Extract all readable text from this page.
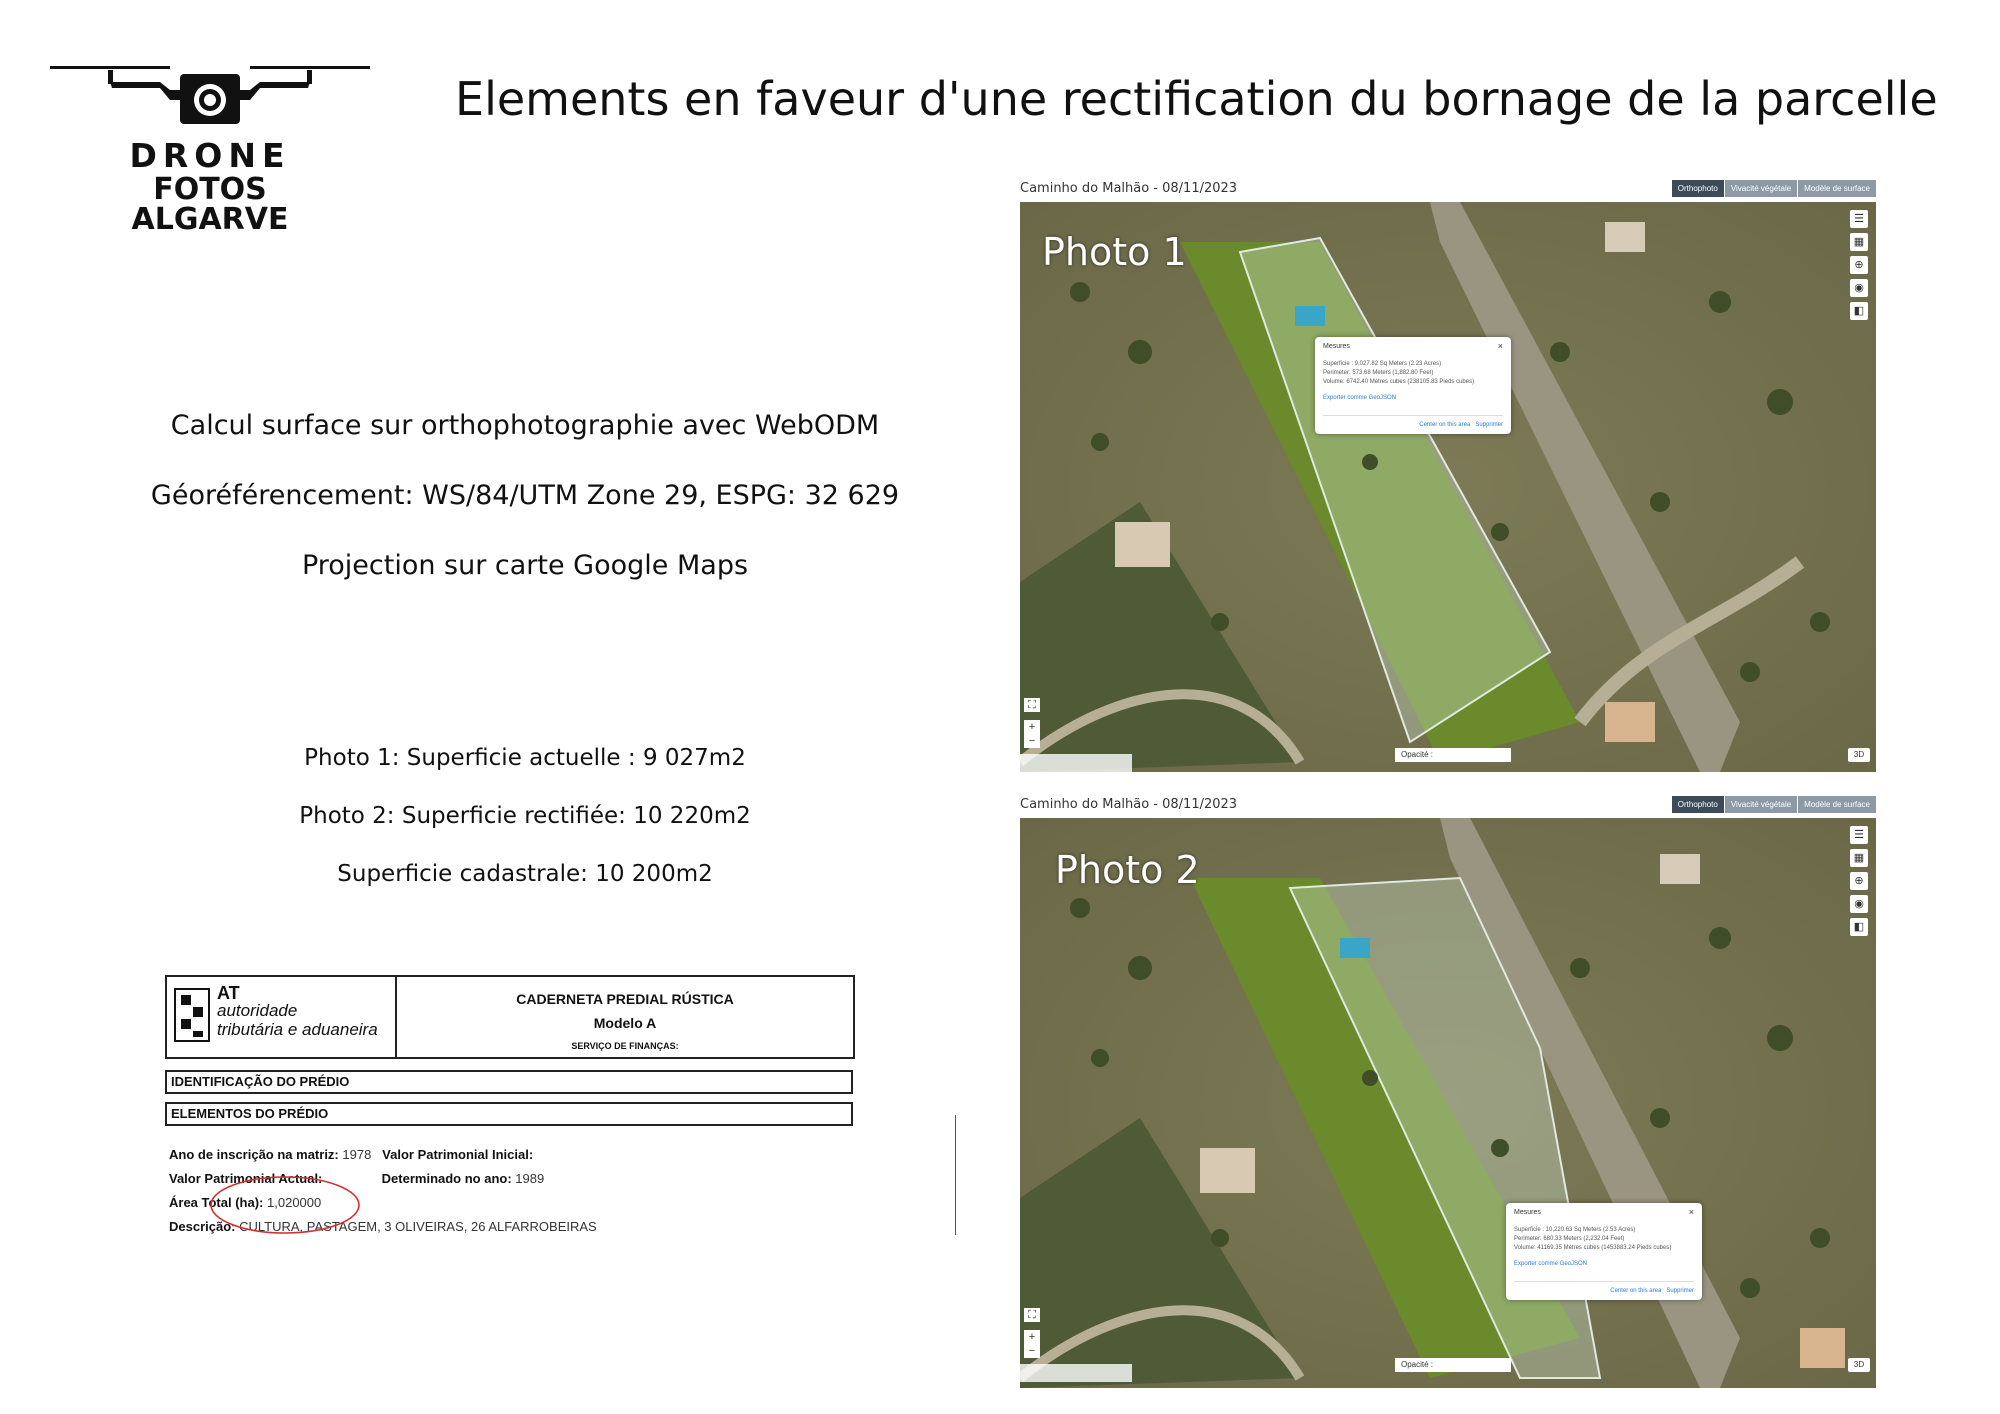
DRONE
FOTOS
ALGARVE
Elements en faveur d'une rectification du bornage de la parcelle
Calcul surface sur orthophotographie avec WebODM
Géoréférencement: WS/84/UTM Zone 29, ESPG: 32 629
Projection sur carte Google Maps
Photo 1: Superficie actuelle : 9 027m2
Photo 2: Superficie rectifiée: 10 220m2
Superficie cadastrale: 10 200m2
AT
autoridade
tributária e aduaneira
CADERNETA PREDIAL RÚSTICA
Modelo A
SERVIÇO DE FINANÇAS:
IDENTIFICAÇÃO DO PRÉDIO
ELEMENTOS DO PRÉDIO
Ano de inscrição na matriz: 1978 Valor Patrimonial Inicial:
Valor Patrimonial Actual:	Determinado no ano: 1989
Área Total (ha): 1,020000
Descrição: CULTURA, PASTAGEM, 3 OLIVEIRAS, 26 ALFARROBEIRAS
Caminho do Malhão - 08/11/2023	Orthophoto	Vivacité végétale	Modèle de surface
Photo 1
☰
▦
⊕
◉
◧
Mesures	×
Superficie : 9,027.82 Sq Meters (2.23 Acres)
Perimeter: 573.68 Meters (1,882.80 Feet)
Volume: 6742.40 Mètres cubes (238105.83 Pieds cubes)
Exporter comme GeoJSON
Center on this area Supprimer
⛶
+
−

Opacité :	3D
Caminho do Malhão - 08/11/2023	Orthophoto	Vivacité végétale	Modèle de surface
Photo 2
☰
▦
⊕
◉
◧
Mesures	×
Superficie : 10,220.63 Sq Meters (2.53 Acres)
Perimeter: 680.33 Meters (2,232.04 Feet)
Volume: 41169.35 Mètres cubes (1453883.24 Pieds cubes)
Exporter comme GeoJSON
Center on this area Supprimer
⛶
+
−

Opacité :	3D
